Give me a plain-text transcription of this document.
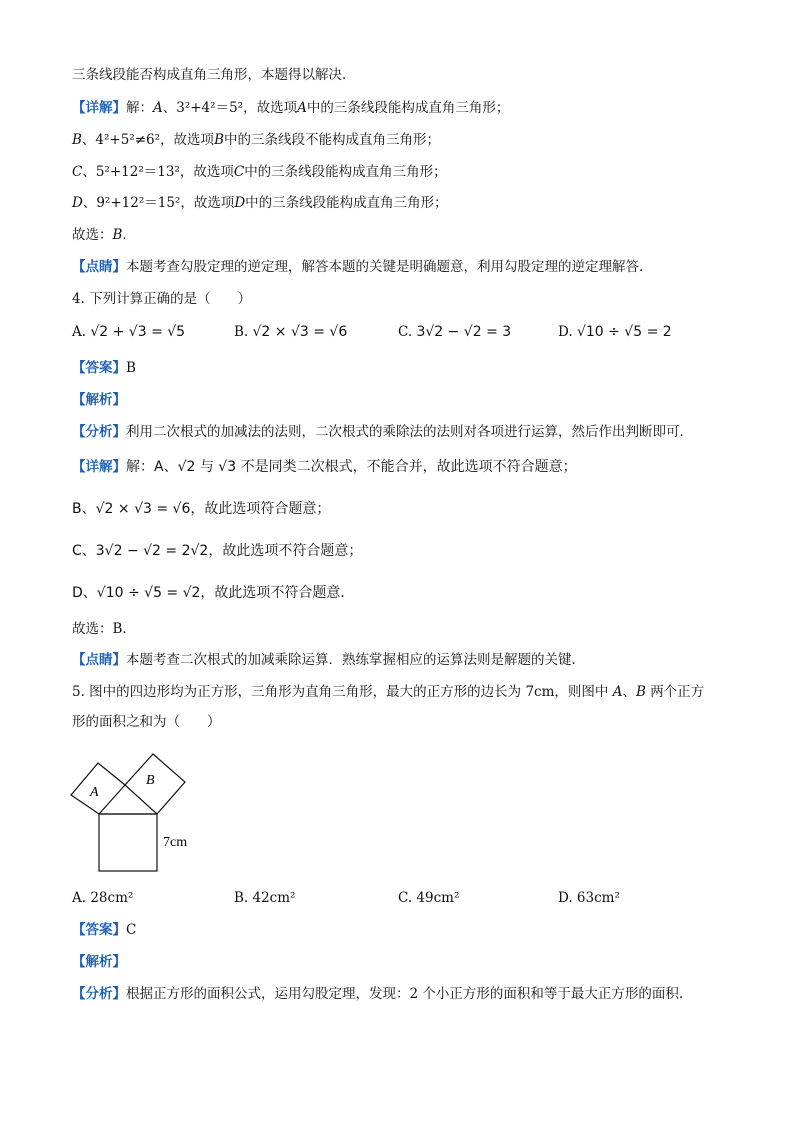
三条线段能否构成直角三角形，本题得以解决．
【详解】解：A、3²+4²＝5²，故选项A中的三条线段能构成直角三角形；
B、4²+5²≠6²，故选项B中的三条线段不能构成直角三角形；
C、5²+12²＝13²，故选项C中的三条线段能构成直角三角形；
D、9²+12²＝15²，故选项D中的三条线段能构成直角三角形；
故选：B．
【点睛】本题考查勾股定理的逆定理，解答本题的关键是明确题意，利用勾股定理的逆定理解答．
4. 下列计算正确的是（　　）
A. √2 + √3 = √5	B. √2 × √3 = √6	C. 3√2 − √2 = 3	D. √10 ÷ √5 = 2
【答案】B
【解析】
【分析】利用二次根式的加减法的法则，二次根式的乘除法的法则对各项进行运算，然后作出判断即可．
【详解】解：A、√2 与 √3 不是同类二次根式，不能合并，故此选项不符合题意；
B、√2 × √3 = √6，故此选项符合题意；
C、3√2 − √2 = 2√2，故此选项不符合题意；
D、√10 ÷ √5 = √2，故此选项不符合题意．
故选：B．
【点睛】本题考查二次根式的加减乘除运算．熟练掌握相应的运算法则是解题的关键．
5. 图中的四边形均为正方形，三角形为直角三角形，最大的正方形的边长为 7cm，则图中 A、B 两个正方
形的面积之和为（　　）
A
B
7cm
A. 28cm²	B. 42cm²	C. 49cm²	D. 63cm²
【答案】C
【解析】
【分析】根据正方形的面积公式，运用勾股定理，发现：2 个小正方形的面积和等于最大正方形的面积．
